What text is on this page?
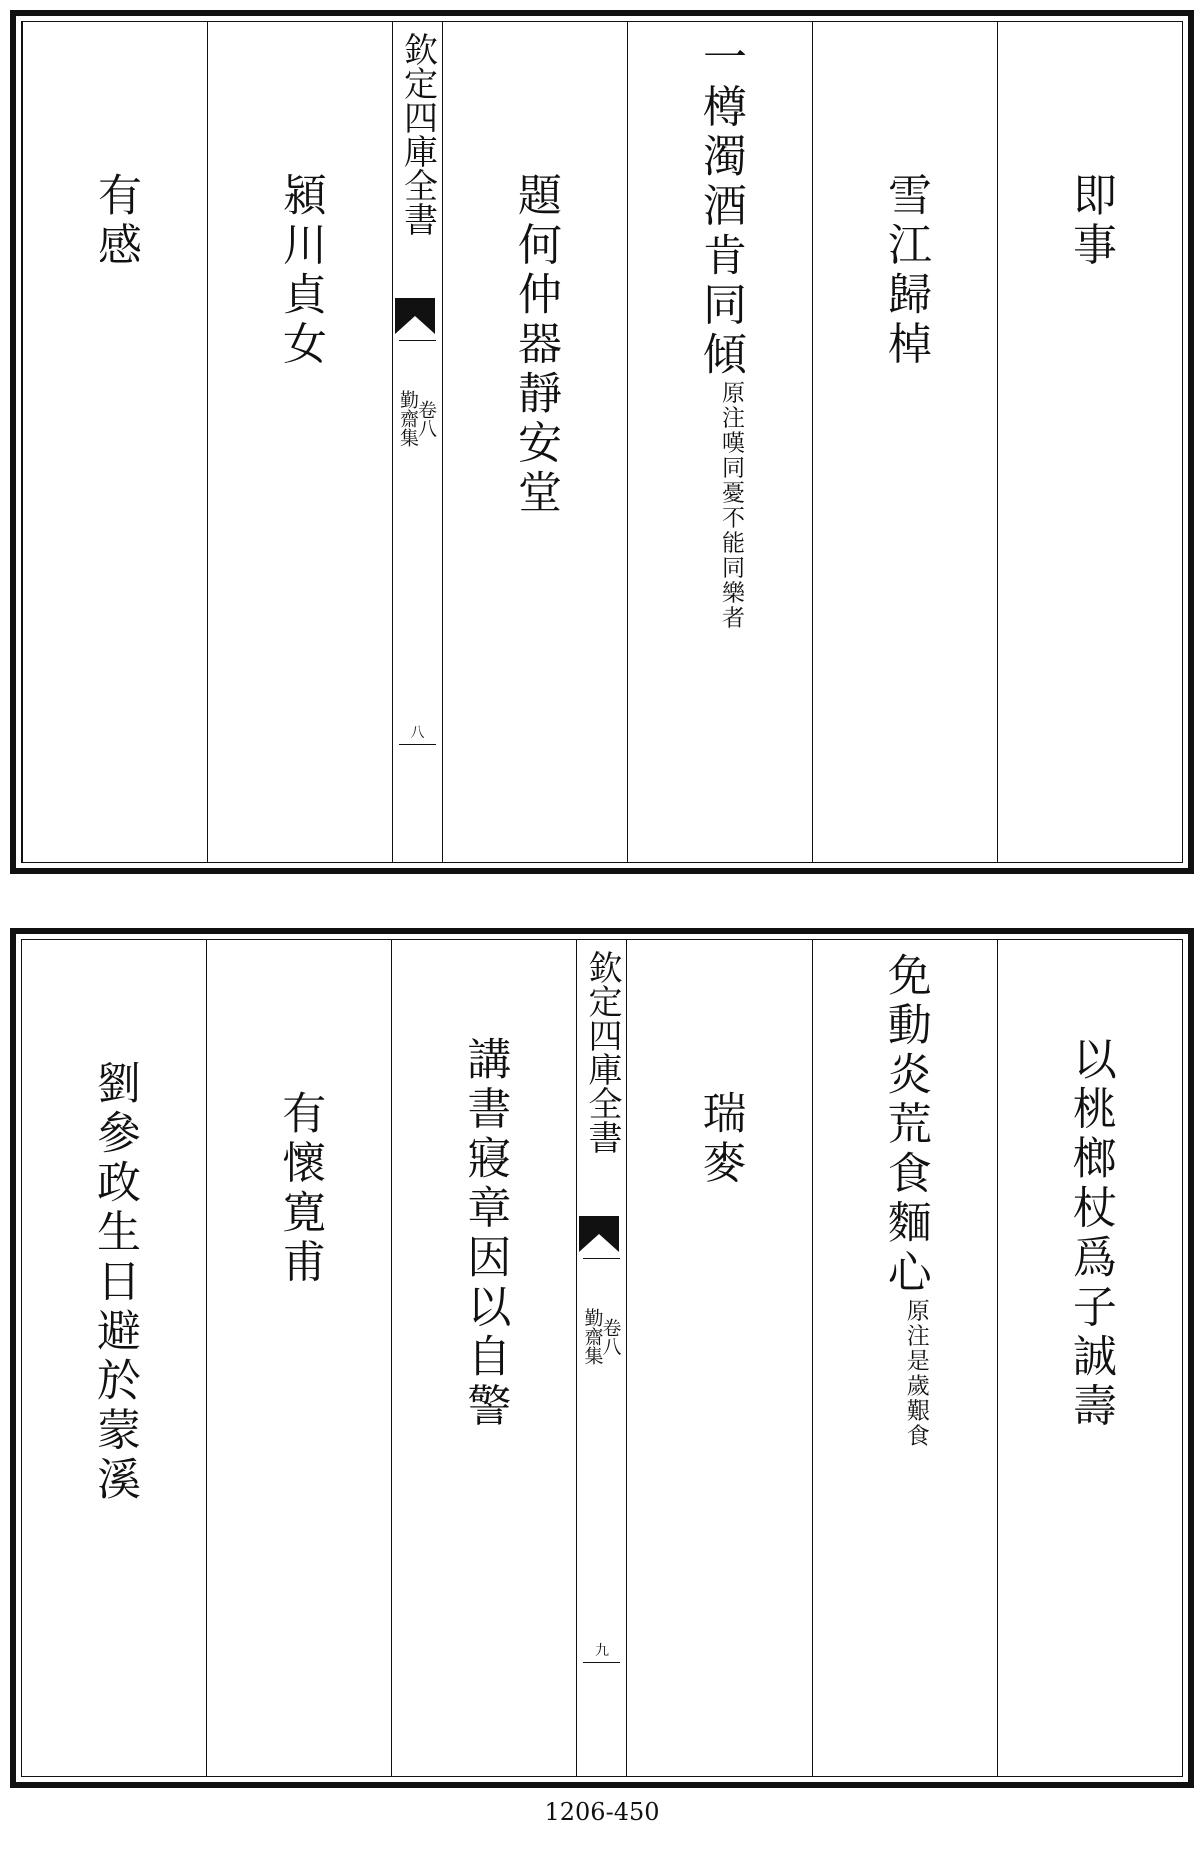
即事
雪江歸棹
一樽濁酒肯同傾$^{原注嘆同憂不能同樂者}$
題何仲器靜安堂
欽定四庫全書
勤齋集
卷八
八
潁川貞女
有感
以桃榔杖爲子誠壽
免動炎荒食麵心$^{原注是歲艱食}$
瑞麥
欽定四庫全書
勤齋集
卷八
九
講書寢章因以自警
有懷寛甫
劉參政生日避於蒙溪
1206-450
